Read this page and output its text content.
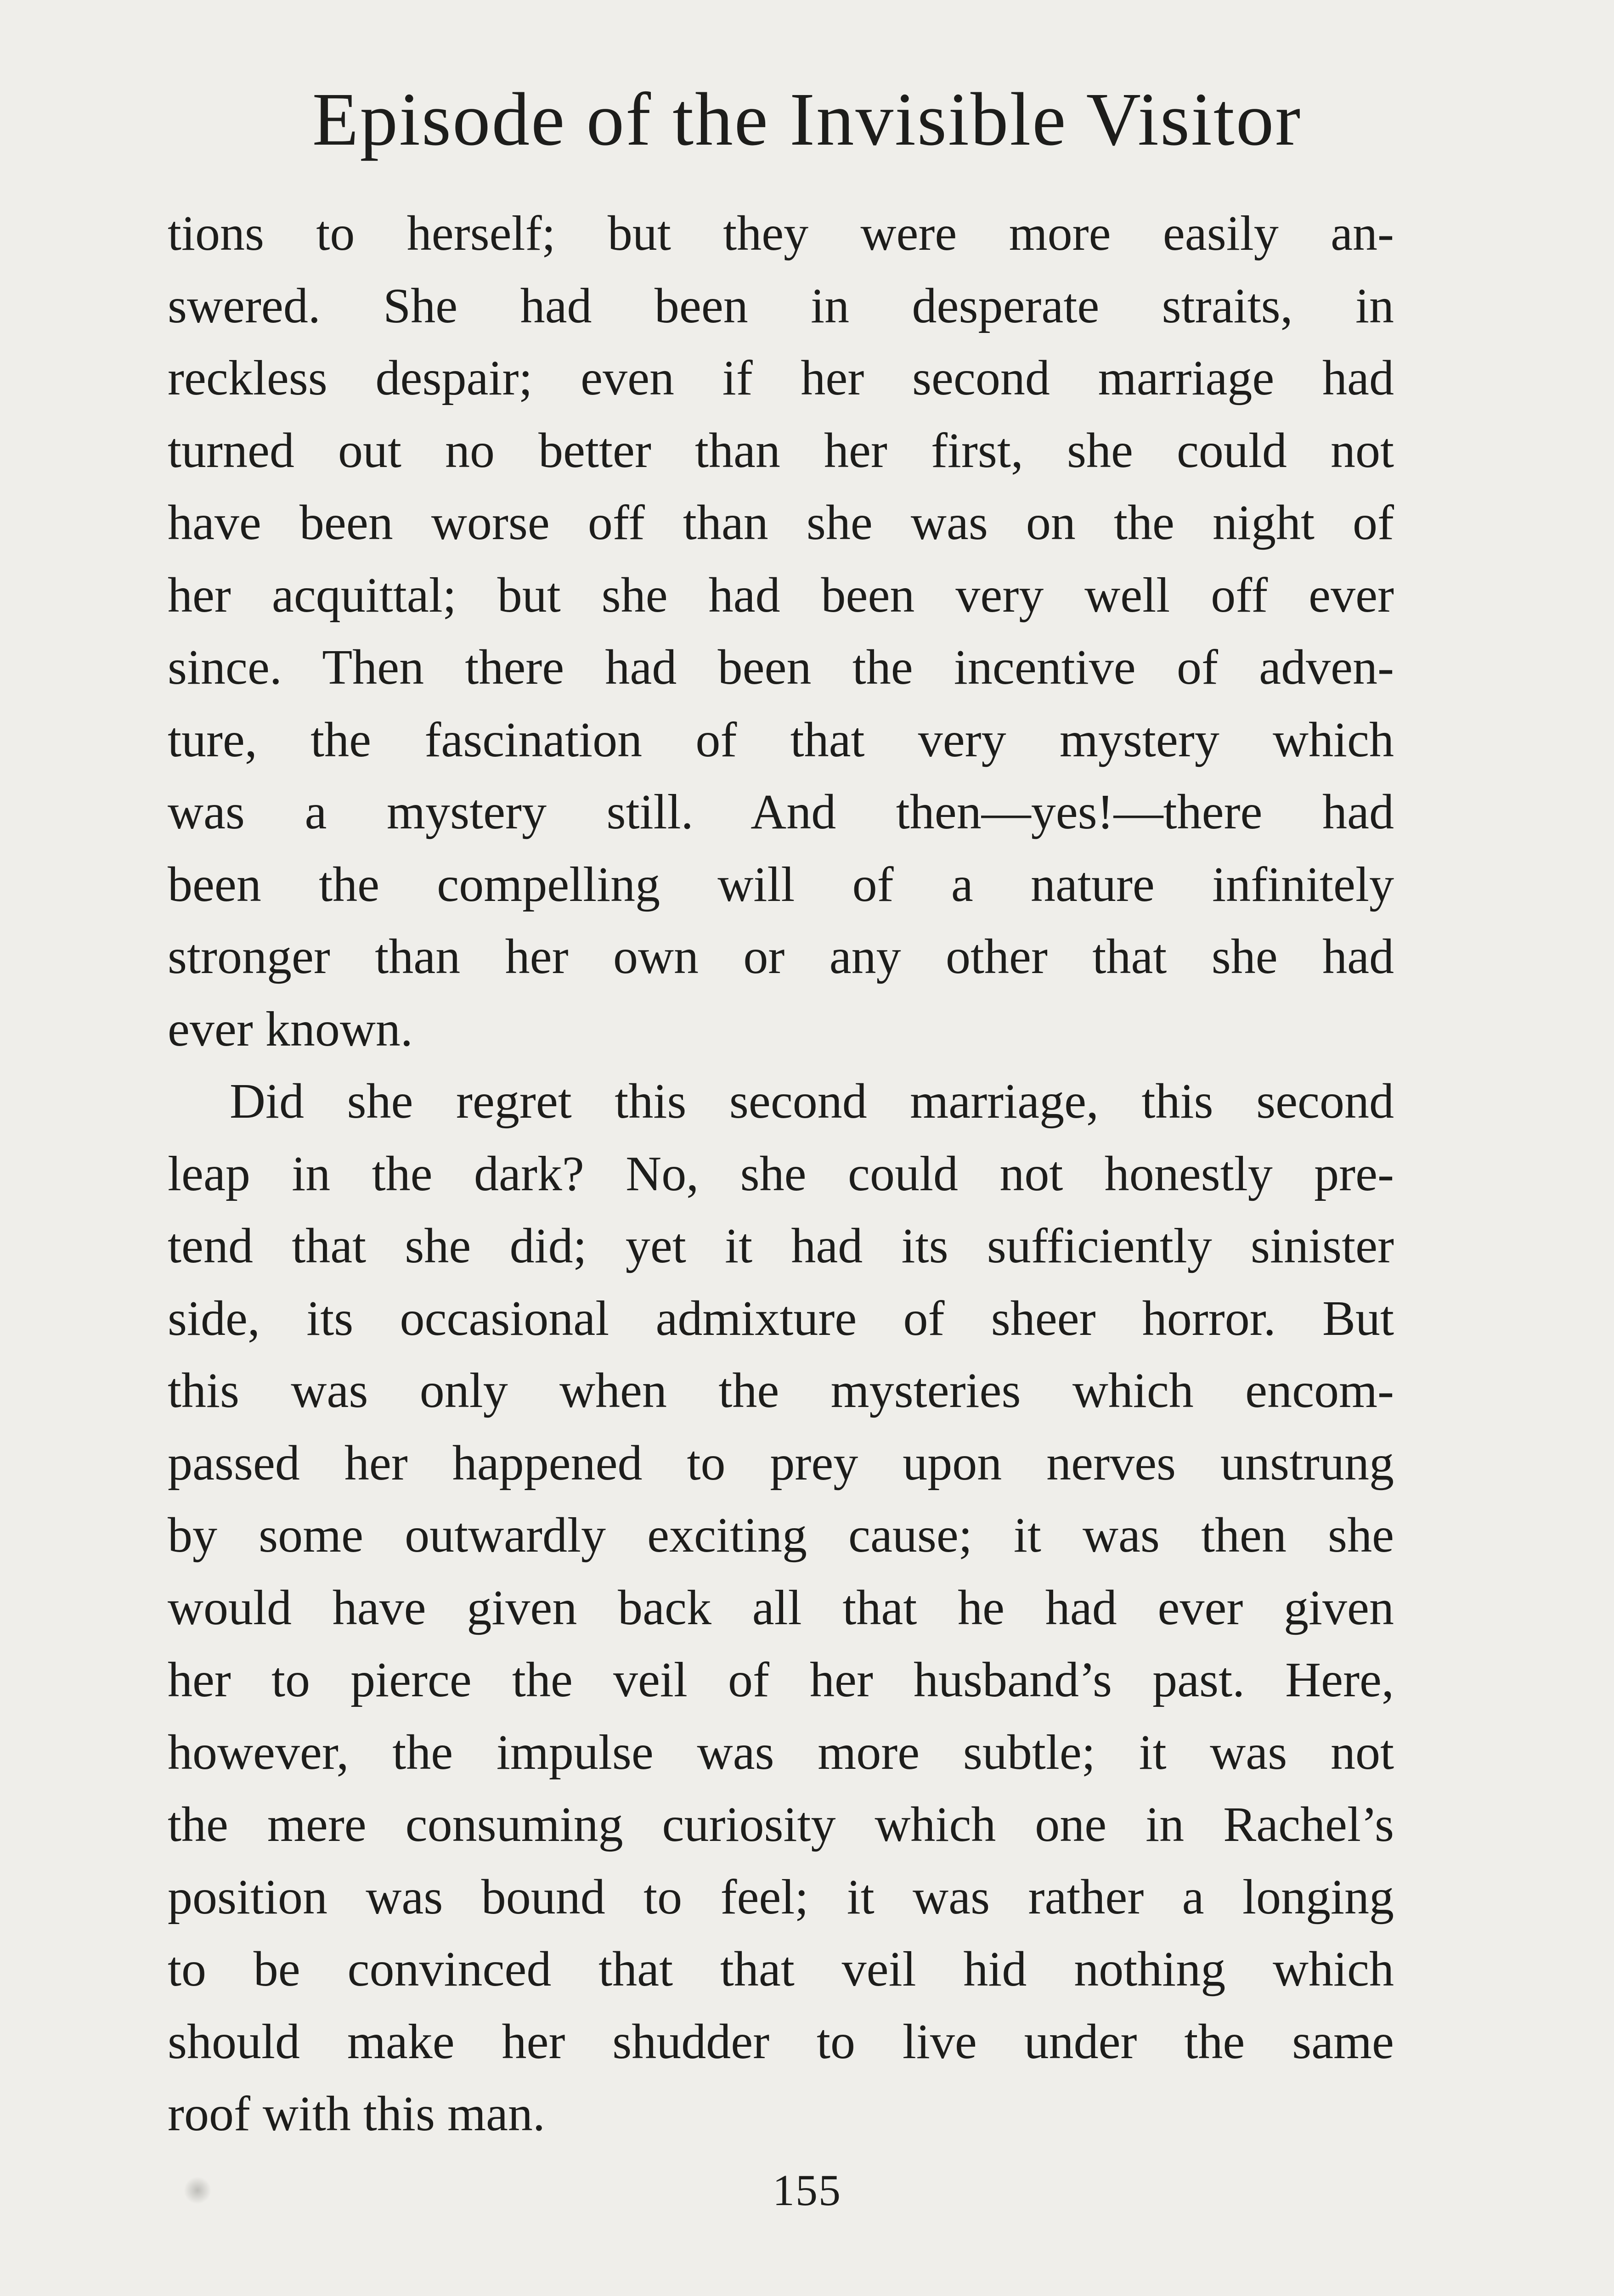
Episode of the Invisible Visitor
tions to herself; but they were more easily an-
swered. She had been in desperate straits, in
reckless despair; even if her second marriage had
turned out no better than her first, she could not
have been worse off than she was on the night of
her acquittal; but she had been very well off ever
since. Then there had been the incentive of adven-
ture, the fascination of that very mystery which
was a mystery still. And then—yes!—there had
been the compelling will of a nature infinitely
stronger than her own or any other that she had
ever known.
Did she regret this second marriage, this second
leap in the dark? No, she could not honestly pre-
tend that she did; yet it had its sufficiently sinister
side, its occasional admixture of sheer horror. But
this was only when the mysteries which encom-
passed her happened to prey upon nerves unstrung
by some outwardly exciting cause; it was then she
would have given back all that he had ever given
her to pierce the veil of her husband’s past. Here,
however, the impulse was more subtle; it was not
the mere consuming curiosity which one in Rachel’s
position was bound to feel; it was rather a longing
to be convinced that that veil hid nothing which
should make her shudder to live under the same
roof with this man.
155
